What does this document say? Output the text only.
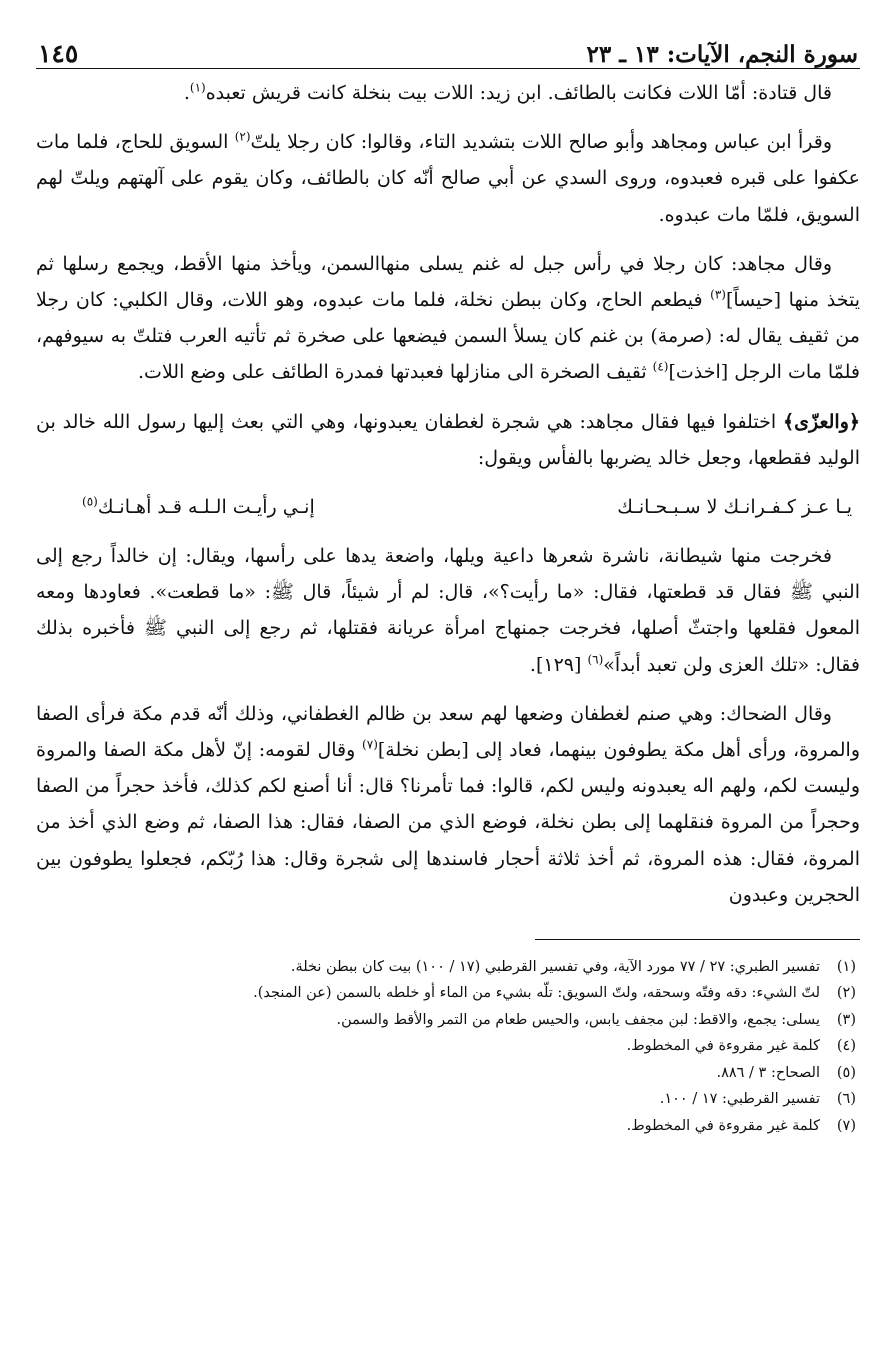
سورة النجم، الآيات: ١٣ ـ ٢٣
١٤٥

قال قتادة: أمّا اللات فكانت بالطائف. ابن زيد: اللات بيت بنخلة كانت قريش تعبده$^{(١)}$.

وقرأ ابن عباس ومجاهد وأبو صالح اللات بتشديد التاء، وقالوا: كان رجلا يلتّ$^{(٢)}$ السويق للحاج، فلما مات عكفوا على قبره فعبدوه، وروى السدي عن أبي صالح أنّه كان بالطائف، وكان يقوم على آلهتهم ويلتّ لهم السويق، فلمّا مات عبدوه.

وقال مجاهد: كان رجلا في رأس جبل له غنم يسلى منهاالسمن، ويأخذ منها الأقط، ويجمع رسلها ثم يتخذ منها [حيساً]$^{(٣)}$ فيطعم الحاج، وكان ببطن نخلة، فلما مات عبدوه، وهو اللات، وقال الكلبي: كان رجلا من ثقيف يقال له: (صرمة) بن غنم كان يسلأ السمن فيضعها على صخرة ثم تأتيه العرب فتلتّ به سيوفهم، فلمّا مات الرجل [اخذت]$^{(٤)}$ ثقيف الصخرة الى منازلها فعبدتها فمدرة الطائف على وضع اللات.

﴿والعزّى﴾ اختلفوا فيها فقال مجاهد: هي شجرة لغطفان يعبدونها، وهي التي بعث إليها رسول الله خالد بن الوليد فقطعها، وجعل خالد يضربها بالفأس ويقول:

يـا عـز كـفـرانـك لا سـبـحـانـك
إنـي رأيـت الـلـه قـد أهـانـك$^{(٥)}$

فخرجت منها شيطانة، ناشرة شعرها داعية ويلها، واضعة يدها على رأسها، ويقال: إن خالداً رجع إلى النبي ﷺ فقال قد قطعتها، فقال: «ما رأيت؟»، قال: لم أر شيئاً، قال ﷺ: «ما قطعت». فعاودها ومعه المعول فقلعها واجتثّ أصلها، فخرجت جمنهاج امرأة عريانة فقتلها، ثم رجع إلى النبي ﷺ فأخبره بذلك فقال: «تلك العزى ولن تعبد أبداً»$^{(٦)}$ [١٢٩].

وقال الضحاك: وهي صنم لغطفان وضعها لهم سعد بن ظالم الغطفاني، وذلك أنّه قدم مكة فرأى الصفا والمروة، ورأى أهل مكة يطوفون بينهما، فعاد إلى [بطن نخلة]$^{(٧)}$ وقال لقومه: إنّ لأهل مكة الصفا والمروة وليست لكم، ولهم اله يعبدونه وليس لكم، قالوا: فما تأمرنا؟ قال: أنا أصنع لكم كذلك، فأخذ حجراً من الصفا وحجراً من المروة فنقلهما إلى بطن نخلة، فوضع الذي من الصفا، فقال: هذا الصفا، ثم وضع الذي أخذ من المروة، فقال: هذه المروة، ثم أخذ ثلاثة أحجار فاسندها إلى شجرة وقال: هذا رُبّكم، فجعلوا يطوفون بين الحجرين وعبدون

(١)
تفسير الطبري: ٢٧ / ٧٧ مورد الآية، وفي تفسير القرطبي (١٧ / ١٠٠) بيت كان ببطن نخلة.
(٢)
لتّ الشيء: دقه وفتّه وسحقه، ولتّ السويق: تلّه بشيء من الماء أو خلطه بالسمن (عن المنجد).
(٣)
يسلى: يجمع، والاقط: لبن مجفف يابس، والحيس طعام من التمر والأقط والسمن.
(٤)
كلمة غير مقروءة في المخطوط.
(٥)
الصحاح: ٣ / ٨٨٦.
(٦)
تفسير القرطبي: ١٧ / ١٠٠.
(٧)
كلمة غير مقروءة في المخطوط.
